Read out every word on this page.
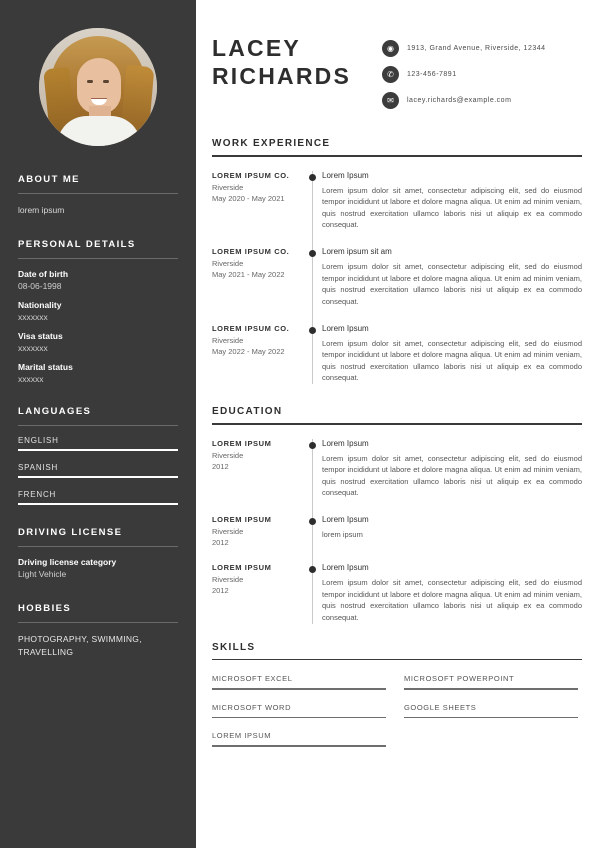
ABOUT ME
lorem ipsum
PERSONAL DETAILS
Date of birth
08-06-1998
Nationality
xxxxxxx
Visa status
xxxxxxx
Marital status
xxxxxx
LANGUAGES
ENGLISH
SPANISH
FRENCH
DRIVING LICENSE
Driving license category
Light Vehicle
HOBBIES
PHOTOGRAPHY, SWIMMING, TRAVELLING
LACEY
RICHARDS
◉	1913, Grand Avenue, Riverside, 12344
✆	123-456-7891
✉	lacey.richards@example.com
WORK EXPERIENCE
LOREM IPSUM CO.
Riverside
May 2020 - May 2021
Lorem Ipsum
Lorem ipsum dolor sit amet, consectetur adipiscing elit, sed do eiusmod tempor incididunt ut labore et dolore magna aliqua. Ut enim ad minim veniam, quis nostrud exercitation ullamco laboris nisi ut aliquip ex ea commodo consequat.
LOREM IPSUM CO.
Riverside
May 2021 - May 2022
Lorem ipsum sit am
Lorem ipsum dolor sit amet, consectetur adipiscing elit, sed do eiusmod tempor incididunt ut labore et dolore magna aliqua. Ut enim ad minim veniam, quis nostrud exercitation ullamco laboris nisi ut aliquip ex ea commodo consequat.
LOREM IPSUM CO.
Riverside
May 2022 - May 2022
Lorem Ipsum
Lorem ipsum dolor sit amet, consectetur adipiscing elit, sed do eiusmod tempor incididunt ut labore et dolore magna aliqua. Ut enim ad minim veniam, quis nostrud exercitation ullamco laboris nisi ut aliquip ex ea commodo consequat.
EDUCATION
LOREM IPSUM
Riverside
2012
Lorem Ipsum
Lorem ipsum dolor sit amet, consectetur adipiscing elit, sed do eiusmod tempor incididunt ut labore et dolore magna aliqua. Ut enim ad minim veniam, quis nostrud exercitation ullamco laboris nisi ut aliquip ex ea commodo consequat.
LOREM IPSUM
Riverside
2012
Lorem Ipsum
lorem ipsum
LOREM IPSUM
Riverside
2012
Lorem Ipsum
Lorem ipsum dolor sit amet, consectetur adipiscing elit, sed do eiusmod tempor incididunt ut labore et dolore magna aliqua. Ut enim ad minim veniam, quis nostrud exercitation ullamco laboris nisi ut aliquip ex ea commodo consequat.
SKILLS
MICROSOFT EXCEL	MICROSOFT POWERPOINT
MICROSOFT WORD	GOOGLE SHEETS
LOREM IPSUM
